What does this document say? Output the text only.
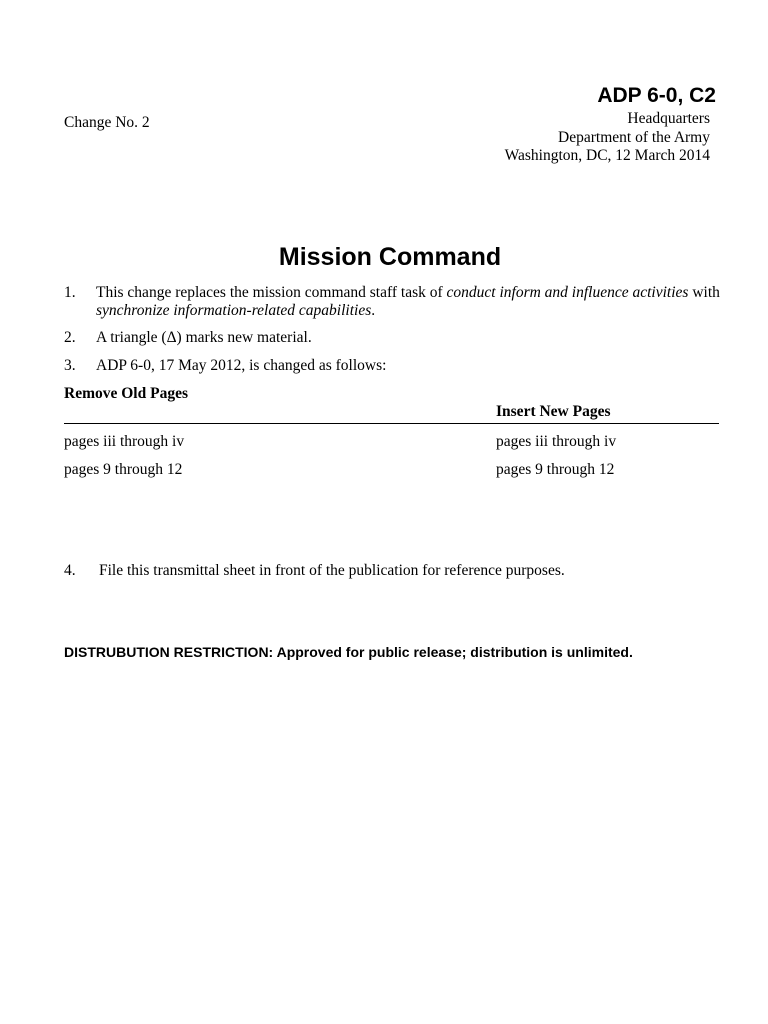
ADP 6-0, C2
Change No. 2	Headquarters
Department of the Army
Washington, DC, 12 March 2014
Mission Command
1. This change replaces the mission command staff task of conduct inform and influence activities with synchronize information-related capabilities.
2. A triangle (Δ) marks new material.
3. ADP 6-0, 17 May 2012, is changed as follows:
Remove Old Pages
Insert New Pages
pages iii through iv	pages iii through iv
pages 9 through 12	pages 9 through 12
4. File this transmittal sheet in front of the publication for reference purposes.
DISTRUBUTION RESTRICTION: Approved for public release; distribution is unlimited.
